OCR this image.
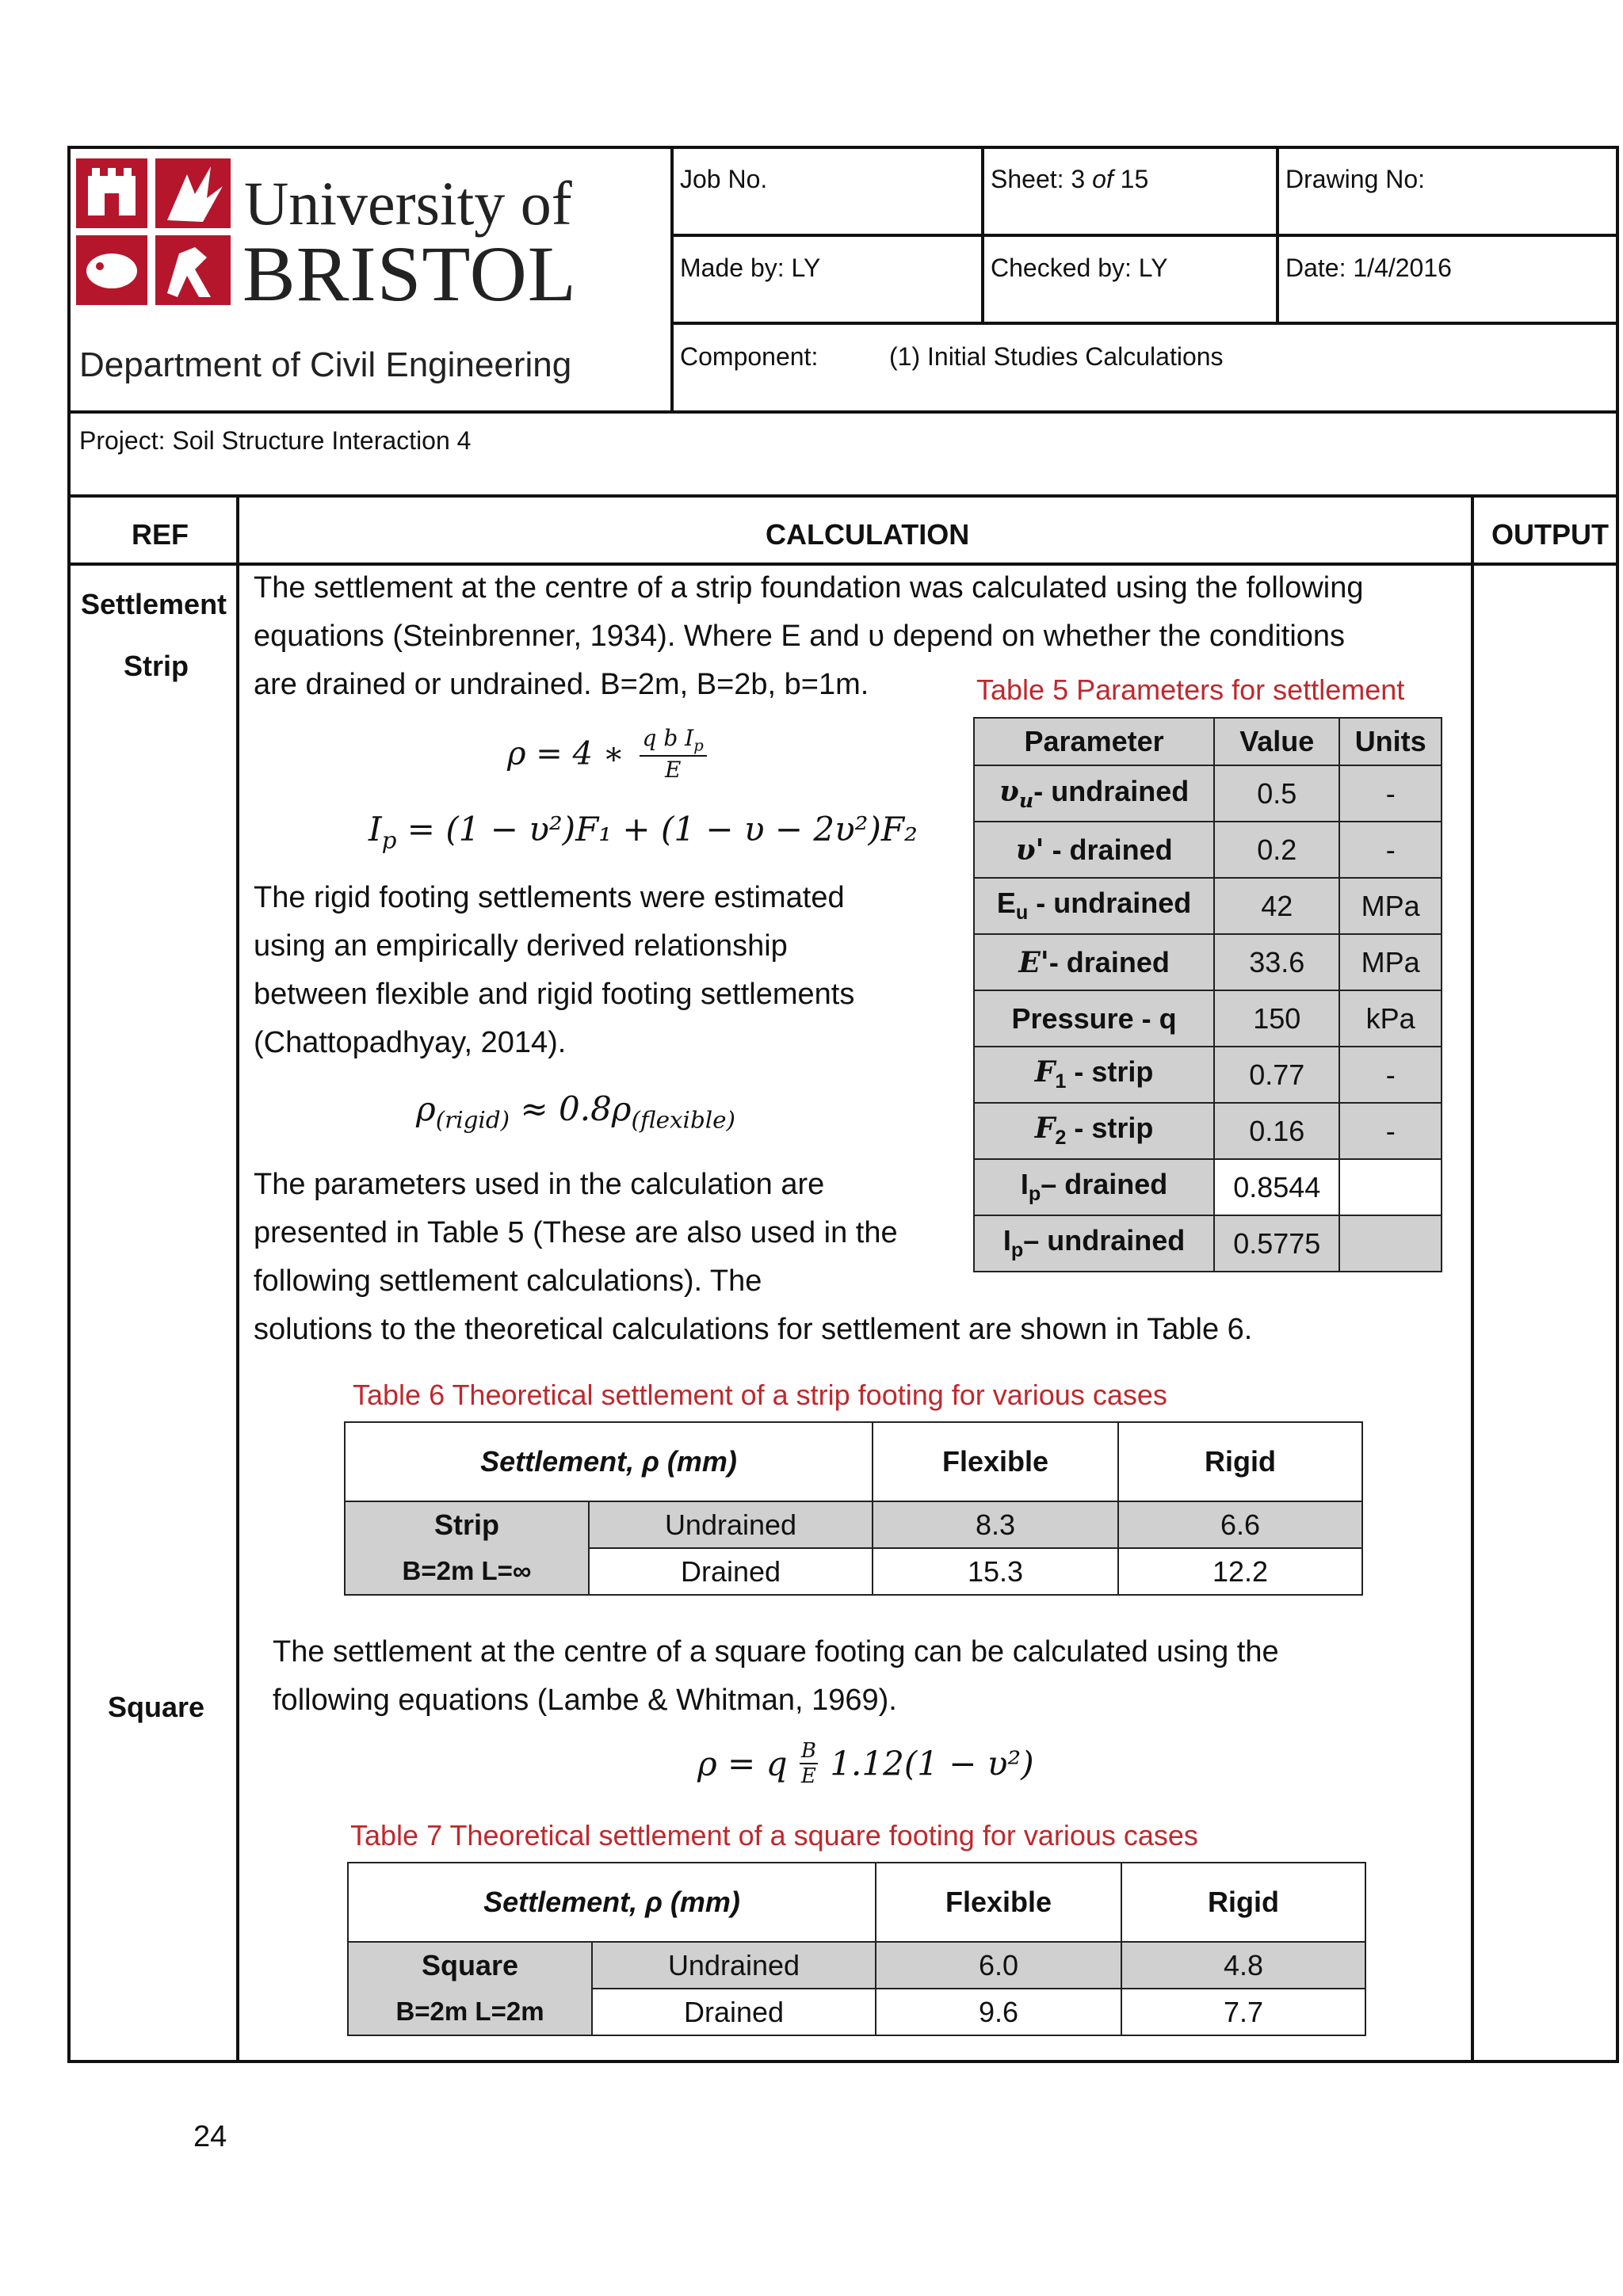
University of
BRISTOL
Department of Civil Engineering
Job No.	Sheet: 3 of 15	Drawing No:
Made by: LY	Checked by: LY	Date: 1/4/2016
Component:	(1) Initial Studies Calculations
Project: Soil Structure Interaction 4
REF	CALCULATION	OUTPUT
Settlement
Strip
Square
The settlement at the centre of a strip foundation was calculated using the following
equations (Steinbrenner, 1934). Where E and υ depend on whether the conditions
are drained or undrained. B=2m, B=2b, b=1m.
ρ = 4 ∗ $\frac{q b I_p}{E}$
$I_p = (1 - \upsilon^2)F_1 + (1 - \upsilon - 2\upsilon^2)F_2$
The rigid footing settlements were estimated
using an empirically derived relationship
between flexible and rigid footing settlements
(Chattopadhyay, 2014).
$\rho_{(rigid)} \approx 0.8\rho_{(flexible)}$
The parameters used in the calculation are
presented in Table 5 (These are also used in the
following settlement calculations). The
solutions to the theoretical calculations for settlement are shown in Table 6.
Table 5 Parameters for settlement
Parameter	Value	Units
$\upsilon_u-$ undrained	0.5	-
υ' - drained	0.2	-
$E_u$ - undrained	42	MPa
E'- drained	33.6	MPa
Pressure - q	150	kPa
$F_1$ - strip	0.77	-
$F_2$ - strip	0.16	-
$I_p-$ drained	0.8544	
$I_p-$ undrained	0.5775	
Table 6 Theoretical settlement of a strip footing for various cases
Settlement, ρ (mm)		Flexible	Rigid

Strip
B=2m L=∞	Undrained	8.3	6.6
	Drained	15.3	12.2
The settlement at the centre of a square footing can be calculated using the
following equations (Lambe & Whitman, 1969).
ρ = q $\frac{B}{E} 1.12(1 - \upsilon^2)$
Table 7 Theoretical settlement of a square footing for various cases
Settlement, ρ (mm)		Flexible	Rigid

Square
B=2m L=2m	Undrained	6.0	4.8
	Drained	9.6	7.7
24
